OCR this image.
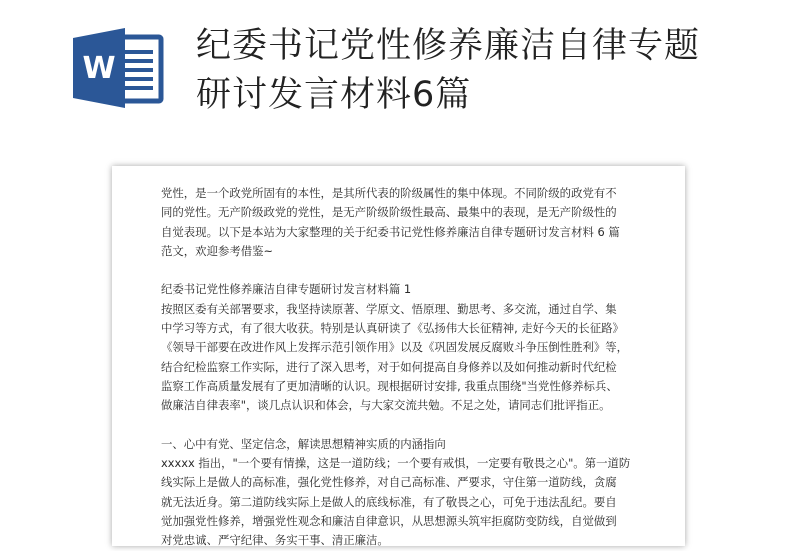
W
纪委书记党性修养廉洁自律专题
研讨发言材料6篇
党性，是一个政党所固有的本性，是其所代表的阶级属性的集中体现。不同阶级的政党有不
同的党性。无产阶级政党的党性，是无产阶级阶级性最高、最集中的表现，是无产阶级性的
自觉表现。以下是本站为大家整理的关于纪委书记党性修养廉洁自律专题研讨发言材料 6 篇
范文，欢迎参考借鉴~
纪委书记党性修养廉洁自律专题研讨发言材料篇 1
按照区委有关部署要求，我坚持读原著、学原文、悟原理、勤思考、多交流，通过自学、集
中学习等方式，有了很大收获。特别是认真研读了《弘扬伟大长征精神, 走好今天的长征路》
《领导干部要在改进作风上发挥示范引领作用》以及《巩固发展反腐败斗争压倒性胜利》等，
结合纪检监察工作实际，进行了深入思考，对于如何提高自身修养以及如何推动新时代纪检
监察工作高质量发展有了更加清晰的认识。现根据研讨安排, 我重点围绕"当党性修养标兵、
做廉洁自律表率"，谈几点认识和体会，与大家交流共勉。不足之处，请同志们批评指正。
一、心中有党、坚定信念，解读思想精神实质的内涵指向
xxxxx 指出，"一个要有情操，这是一道防线；一个要有戒惧，一定要有敬畏之心"。第一道防
线实际上是做人的高标准，强化党性修养，对自己高标准、严要求，守住第一道防线，贪腐
就无法近身。第二道防线实际上是做人的底线标准，有了敬畏之心，可免于违法乱纪。要自
觉加强党性修养，增强党性观念和廉洁自律意识，从思想源头筑牢拒腐防变防线，自觉做到
对党忠诚、严守纪律、务实干事、清正廉洁。
